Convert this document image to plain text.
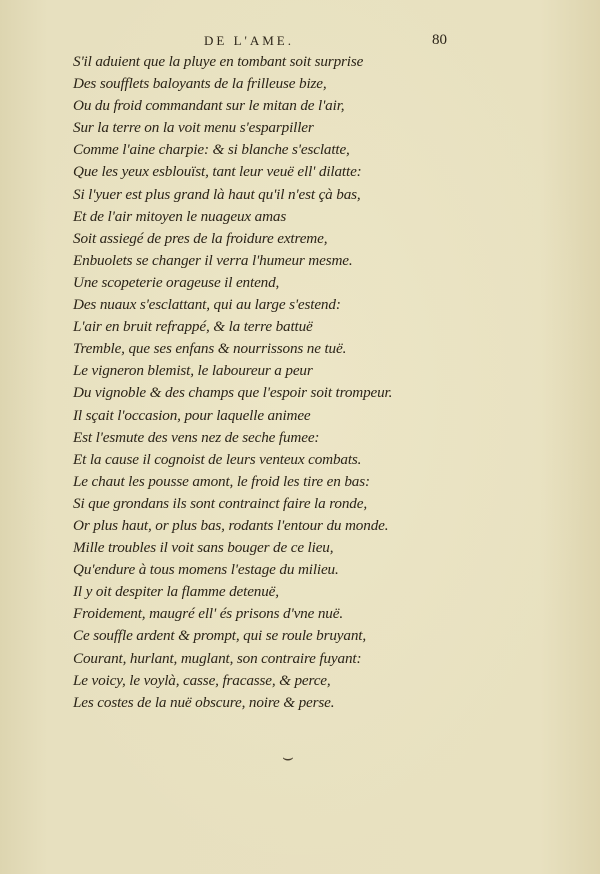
DE L'AME.	80
S'il aduient que la pluye en tombant soit surprise
Des soufflets baloyants de la frilleuse bize,
Ou du froid commandant sur le mitan de l'air,
Sur la terre on la voit menu s'esparpiller
Comme l'aine charpie: & si blanche s'esclatte,
Que les yeux esblouïst, tant leur veuë ell' dilatte:
Si l'yuer est plus grand là haut qu'il n'est çà bas,
Et de l'air mitoyen le nuageux amas
Soit assiegé de pres de la froidure extreme,
Enbuolets se changer il verra l'humeur mesme.
Une scopeterie orageuse il entend,
Des nuaux s'esclattant, qui au large s'estend:
L'air en bruit refrappé, & la terre battuë
Tremble, que ses enfans & nourrissons ne tuë.
Le vigneron blemist, le laboureur a peur
Du vignoble & des champs que l'espoir soit trompeur.
Il sçait l'occasion, pour laquelle animee
Est l'esmute des vens nez de seche fumee:
Et la cause il cognoist de leurs venteux combats.
Le chaut les pousse amont, le froid les tire en bas:
Si que grondans ils sont contrainct faire la ronde,
Or plus haut, or plus bas, rodants l'entour du monde.
Mille troubles il voit sans bouger de ce lieu,
Qu'endure à tous momens l'estage du milieu.
Il y oit despiter la flamme detenuë,
Froidement, maugré ell' és prisons d'vne nuë.
Ce souffle ardent & prompt, qui se roule bruyant,
Courant, hurlant, muglant, son contraire fuyant:
Le voicy, le voylà, casse, fracasse, & perce,
Les costes de la nuë obscure, noire & perse.
⌣
